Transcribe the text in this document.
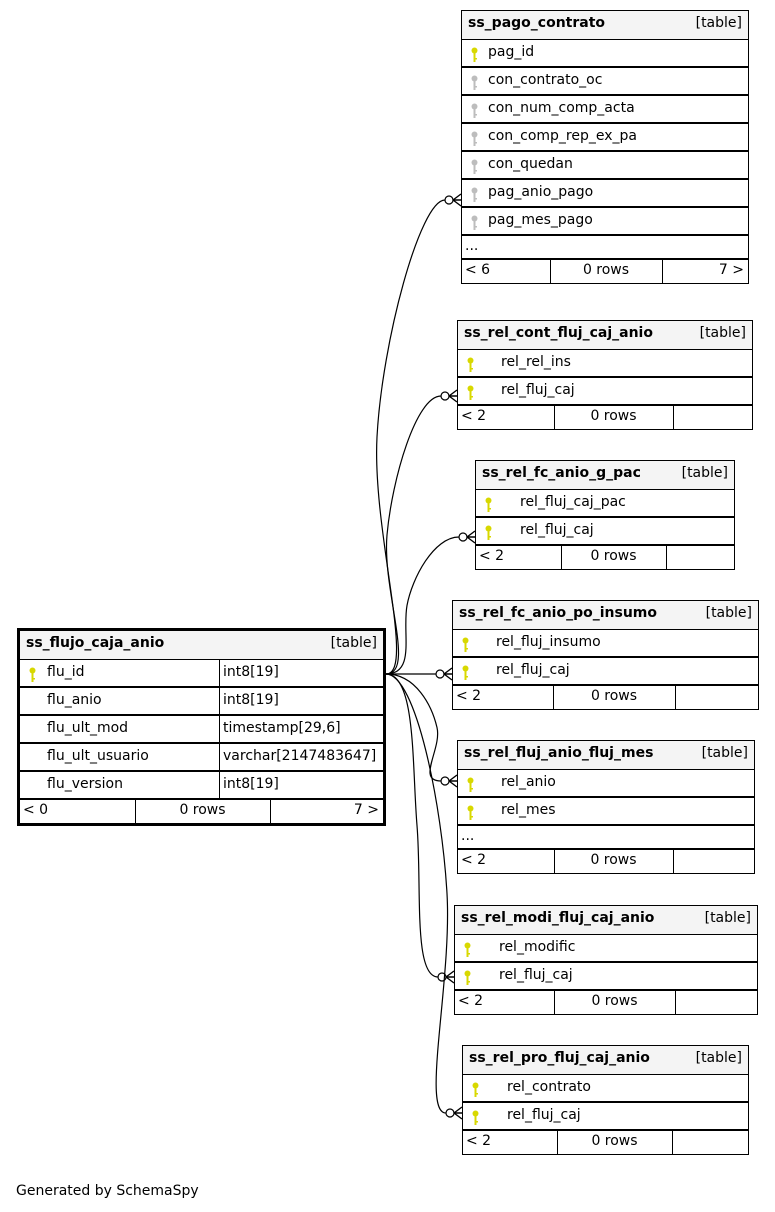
ss_flujo_caja_anio	[table]
flu_id	int8[19]
flu_anio	int8[19]
flu_ult_mod	timestamp[29,6]
flu_ult_usuario	varchar[2147483647]
flu_version	int8[19]
< 0	0 rows	7 >
ss_pago_contrato	[table]
pag_id
con_contrato_oc
con_num_comp_acta
con_comp_rep_ex_pa
con_quedan
pag_anio_pago
pag_mes_pago
...
< 6	0 rows	7 >
ss_rel_cont_fluj_caj_anio	[table]
rel_rel_ins
rel_fluj_caj
< 2	0 rows
ss_rel_fc_anio_g_pac	[table]
rel_fluj_caj_pac
rel_fluj_caj
< 2	0 rows
ss_rel_fc_anio_po_insumo	[table]
rel_fluj_insumo
rel_fluj_caj
< 2	0 rows
ss_rel_fluj_anio_fluj_mes	[table]
rel_anio
rel_mes
...
< 2	0 rows
ss_rel_modi_fluj_caj_anio	[table]
rel_modific
rel_fluj_caj
< 2	0 rows
ss_rel_pro_fluj_caj_anio	[table]
rel_contrato
rel_fluj_caj
< 2	0 rows
Generated by SchemaSpy
